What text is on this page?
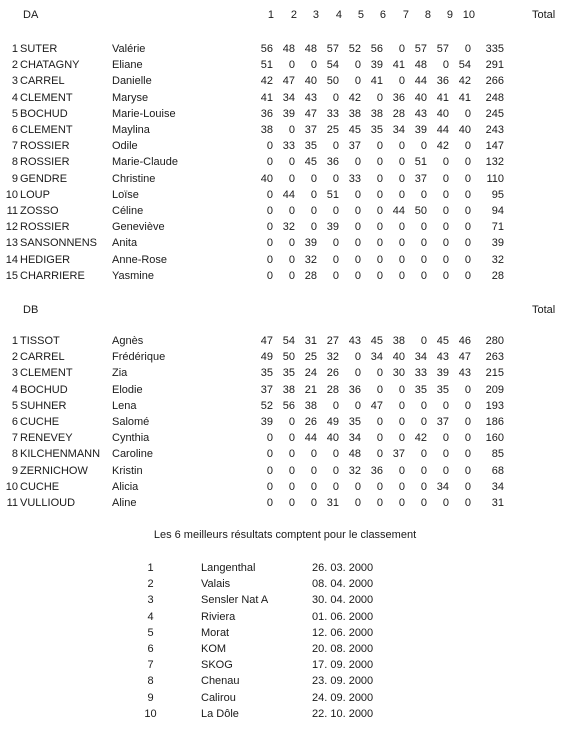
DA	1	2	3	4	5	6	7	8	9 10	Total
1	SUTER	Valérie	56	48	48	57	52	56	0	57	57	0	335
2	CHATAGNY	Eliane	51	0	0	54	0	39	41	48	0	54	291
3	CARREL	Danielle	42	47	40	50	0	41	0	44	36	42	266
4	CLEMENT	Maryse	41	34	43	0	42	0	36	40	41	41	248
5	BOCHUD	Marie-Louise	36	39	47	33	38	38	28	43	40	0	245
6	CLEMENT	Maylina	38	0	37	25	45	35	34	39	44	40	243
7	ROSSIER	Odile	0	33	35	0	37	0	0	0	42	0	147
8	ROSSIER	Marie-Claude	0	0	45	36	0	0	0	51	0	0	132
9	GENDRE	Christine	40	0	0	0	33	0	0	37	0	0	110
10	LOUP	Loïse	0	44	0	51	0	0	0	0	0	0	95
11	ZOSSO	Céline	0	0	0	0	0	0	44	50	0	0	94
12	ROSSIER	Geneviève	0	32	0	39	0	0	0	0	0	0	71
13	SANSONNENS	Anita	0	0	39	0	0	0	0	0	0	0	39
14	HEDIGER	Anne-Rose	0	0	32	0	0	0	0	0	0	0	32
15	CHARRIERE	Yasmine	0	0	28	0	0	0	0	0	0	0	28
DB	Total
1	TISSOT	Agnès	47	54	31	27	43	45	38	0	45	46	280
2	CARREL	Frédérique	49	50	25	32	0	34	40	34	43	47	263
3	CLEMENT	Zia	35	35	24	26	0	0	30	33	39	43	215
4	BOCHUD	Elodie	37	38	21	28	36	0	0	35	35	0	209
5	SUHNER	Lena	52	56	38	0	0	47	0	0	0	0	193
6	CUCHE	Salomé	39	0	26	49	35	0	0	0	37	0	186
7	RENEVEY	Cynthia	0	0	44	40	34	0	0	42	0	0	160
8	KILCHENMANN	Caroline	0	0	0	0	48	0	37	0	0	0	85
9	ZERNICHOW	Kristin	0	0	0	0	32	36	0	0	0	0	68
10	CUCHE	Alicia	0	0	0	0	0	0	0	0	34	0	34
11	VULLIOUD	Aline	0	0	0	31	0	0	0	0	0	0	31
Les 6 meilleurs résultats comptent pour le classement
1	Langenthal	26. 03. 2000
2	Valais	08. 04. 2000
3	Sensler Nat A	30. 04. 2000
4	Riviera	01. 06. 2000
5	Morat	12. 06. 2000
6	KOM	20. 08. 2000
7	SKOG	17. 09. 2000
8	Chenau	23. 09. 2000
9	Calirou	24. 09. 2000
10	La Dôle	22. 10. 2000
